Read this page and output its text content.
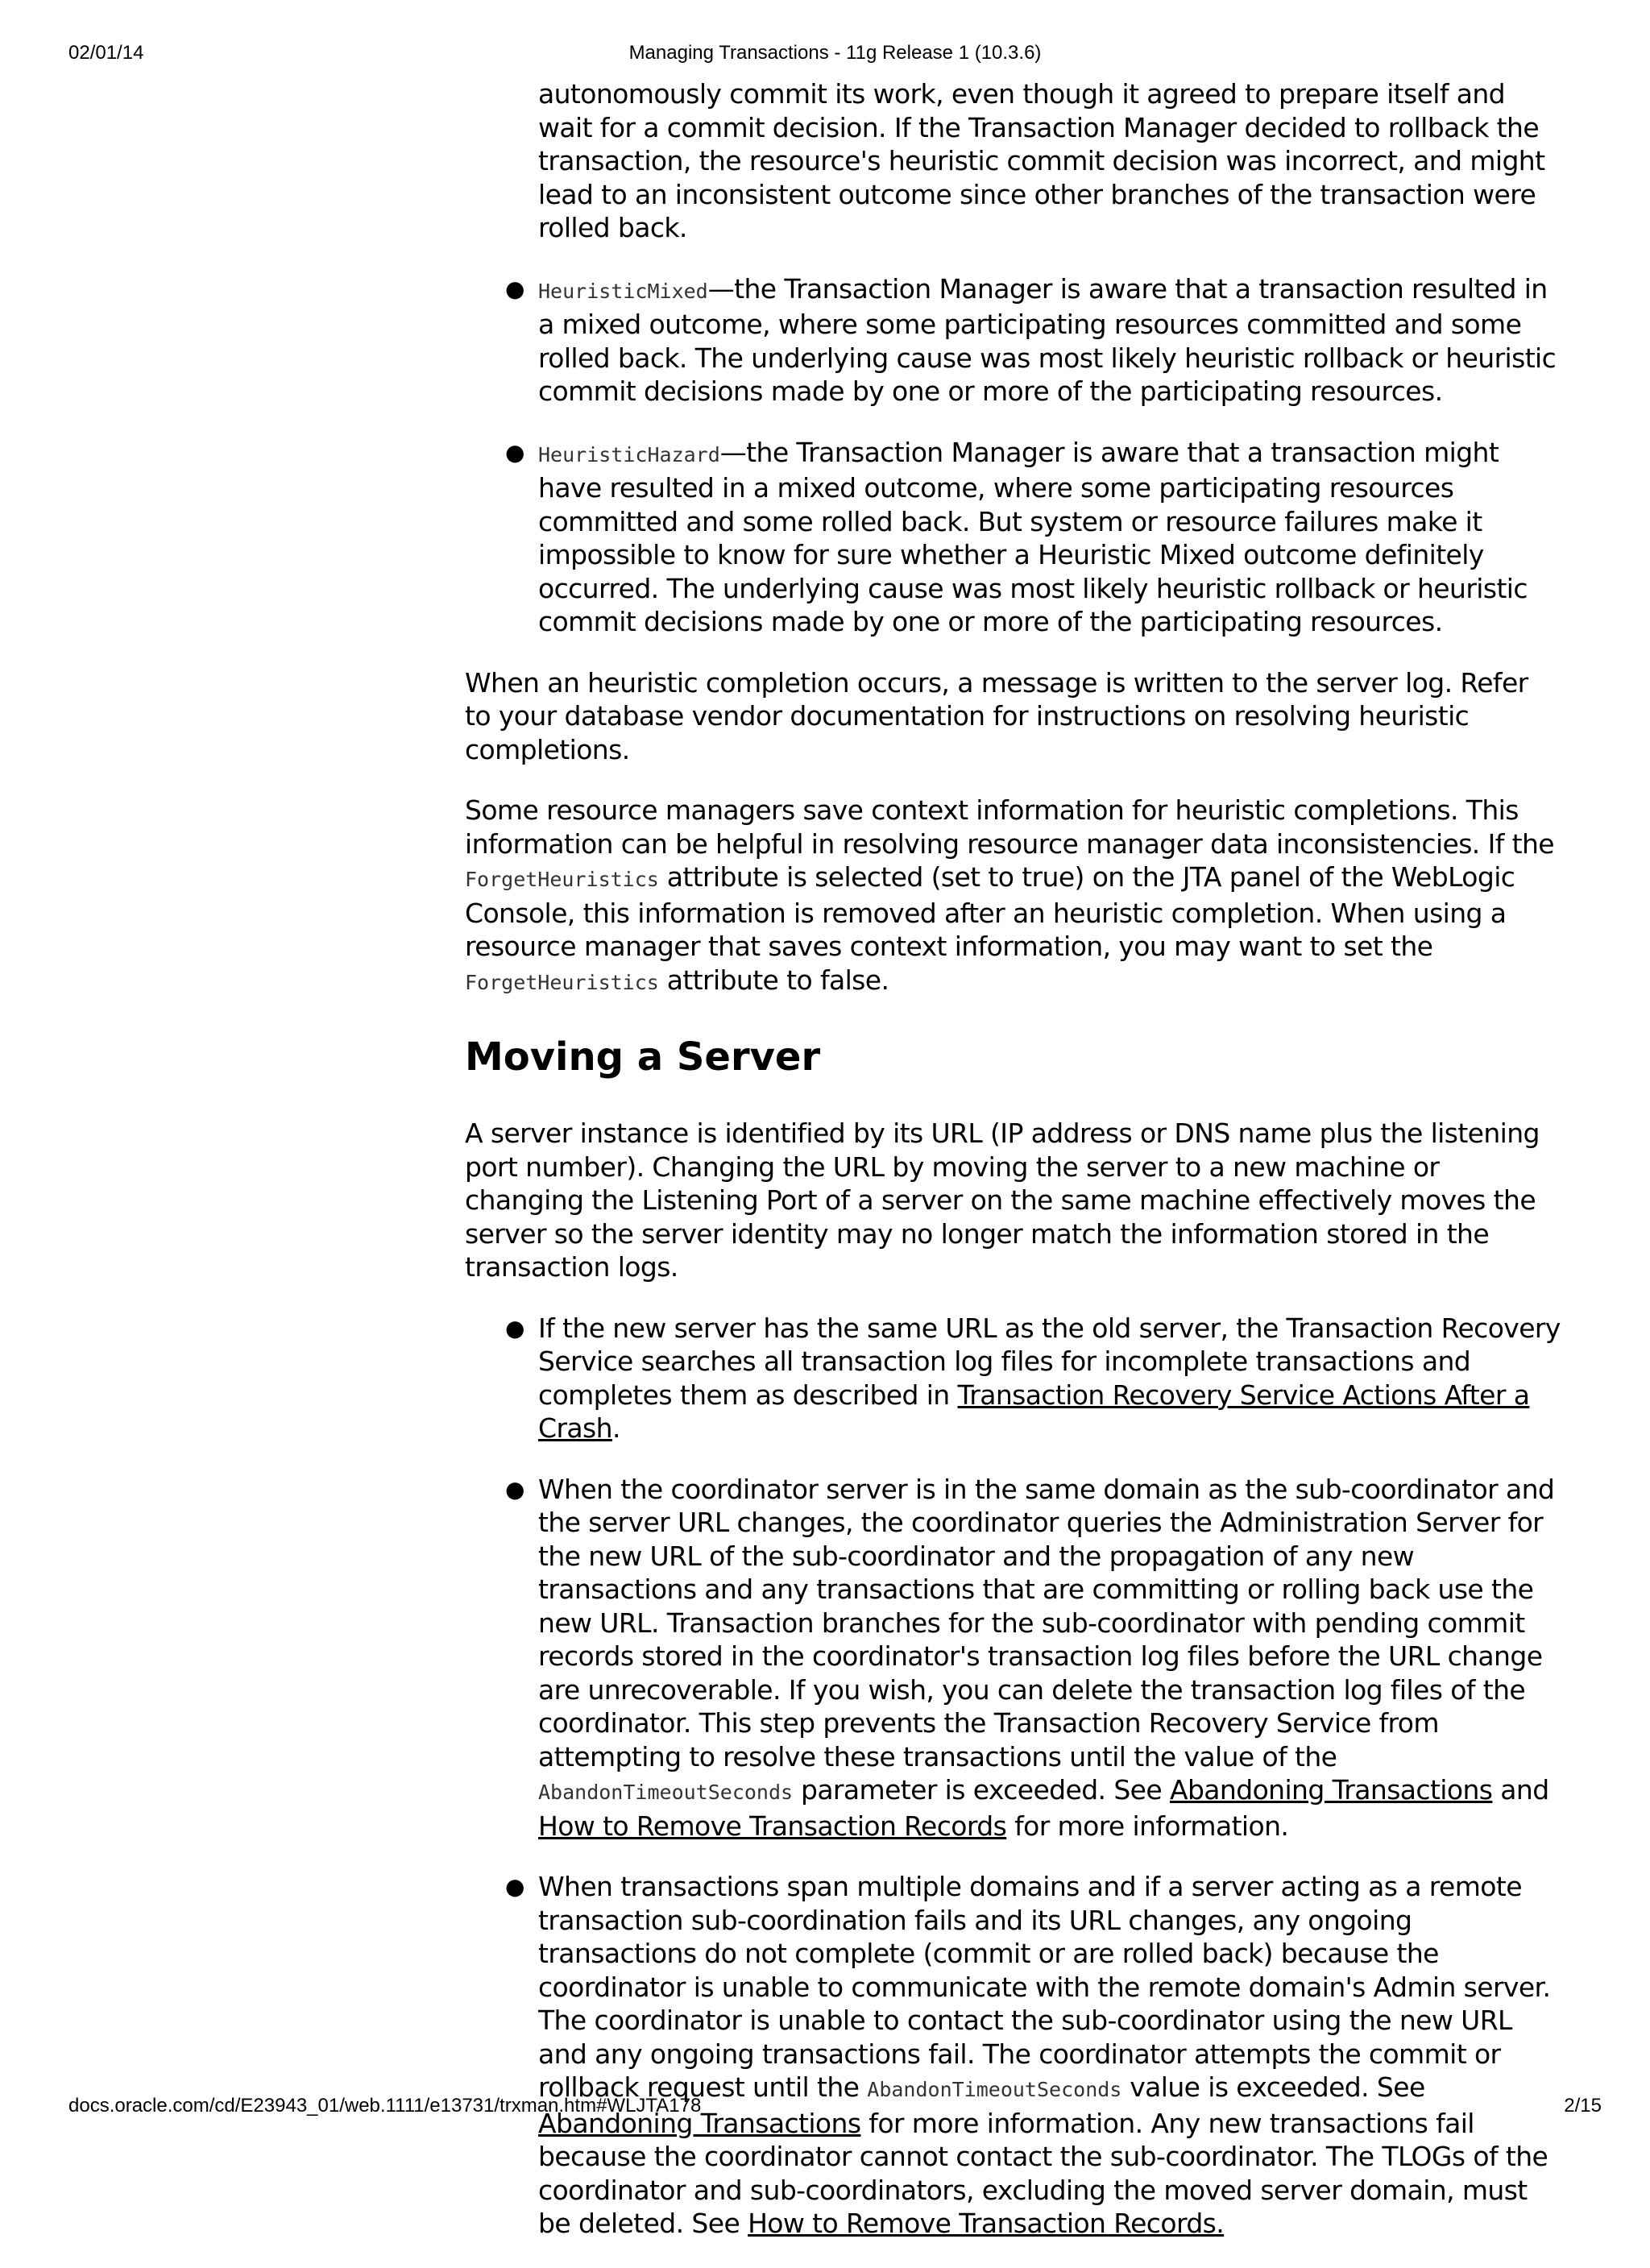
02/01/14	Managing Transactions - 11g Release 1 (10.3.6)
autonomously commit its work, even though it agreed to prepare itself and wait for a commit decision. If the Transaction Manager decided to rollback the transaction, the resource's heuristic commit decision was incorrect, and might lead to an inconsistent outcome since other branches of the transaction were rolled back.
● HeuristicMixed—the Transaction Manager is aware that a transaction resulted in a mixed outcome, where some participating resources committed and some rolled back. The underlying cause was most likely heuristic rollback or heuristic commit decisions made by one or more of the participating resources.
● HeuristicHazard—the Transaction Manager is aware that a transaction might have resulted in a mixed outcome, where some participating resources committed and some rolled back. But system or resource failures make it impossible to know for sure whether a Heuristic Mixed outcome definitely occurred. The underlying cause was most likely heuristic rollback or heuristic commit decisions made by one or more of the participating resources.

When an heuristic completion occurs, a message is written to the server log. Refer to your database vendor documentation for instructions on resolving heuristic completions.

Some resource managers save context information for heuristic completions. This information can be helpful in resolving resource manager data inconsistencies. If the ForgetHeuristics attribute is selected (set to true) on the JTA panel of the WebLogic Console, this information is removed after an heuristic completion. When using a resource manager that saves context information, you may want to set the ForgetHeuristics attribute to false.

Moving a Server

A server instance is identified by its URL (IP address or DNS name plus the listening port number). Changing the URL by moving the server to a new machine or changing the Listening Port of a server on the same machine effectively moves the server so the server identity may no longer match the information stored in the transaction logs.

● If the new server has the same URL as the old server, the Transaction Recovery Service searches all transaction log files for incomplete transactions and completes them as described in Transaction Recovery Service Actions After a Crash.
● When the coordinator server is in the same domain as the sub-coordinator and the server URL changes, the coordinator queries the Administration Server for the new URL of the sub-coordinator and the propagation of any new transactions and any transactions that are committing or rolling back use the new URL. Transaction branches for the sub-coordinator with pending commit records stored in the coordinator's transaction log files before the URL change are unrecoverable. If you wish, you can delete the transaction log files of the coordinator. This step prevents the Transaction Recovery Service from attempting to resolve these transactions until the value of the AbandonTimeoutSeconds parameter is exceeded. See Abandoning Transactions and How to Remove Transaction Records for more information.
● When transactions span multiple domains and if a server acting as a remote transaction sub-coordination fails and its URL changes, any ongoing transactions do not complete (commit or are rolled back) because the coordinator is unable to communicate with the remote domain's Admin server. The coordinator is unable to contact the sub-coordinator using the new URL and any ongoing transactions fail. The coordinator attempts the commit or rollback request until the AbandonTimeoutSeconds value is exceeded. See Abandoning Transactions for more information. Any new transactions fail because the coordinator cannot contact the sub-coordinator. The TLOGs of the coordinator and sub-coordinators, excluding the moved server domain, must be deleted. See How to Remove Transaction Records.
docs.oracle.com/cd/E23943_01/web.1111/e13731/trxman.htm#WLJTA178	2/15
